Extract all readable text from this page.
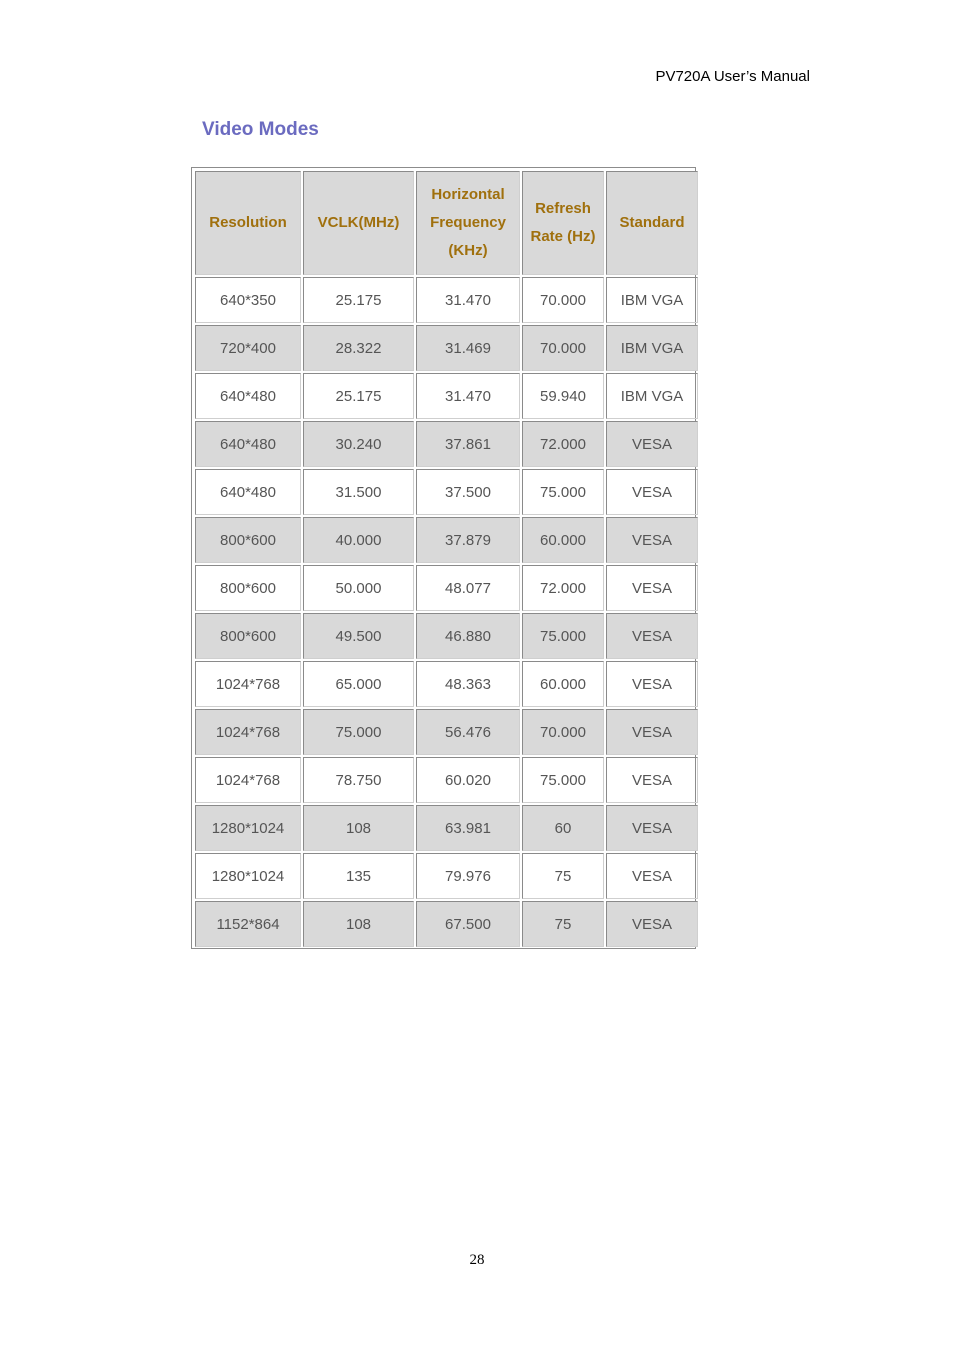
PV720A User’s Manual
Video Modes
Resolution	VCLK(MHz)	Horizontal Frequency (KHz)	Refresh Rate (Hz)	Standard
640*350	25.175	31.470	70.000	IBM VGA
720*400	28.322	31.469	70.000	IBM VGA
640*480	25.175	31.470	59.940	IBM VGA
640*480	30.240	37.861	72.000	VESA
640*480	31.500	37.500	75.000	VESA
800*600	40.000	37.879	60.000	VESA
800*600	50.000	48.077	72.000	VESA
800*600	49.500	46.880	75.000	VESA
1024*768	65.000	48.363	60.000	VESA
1024*768	75.000	56.476	70.000	VESA
1024*768	78.750	60.020	75.000	VESA
1280*1024	108	63.981	60	VESA
1280*1024	135	79.976	75	VESA
1152*864	108	67.500	75	VESA
28
